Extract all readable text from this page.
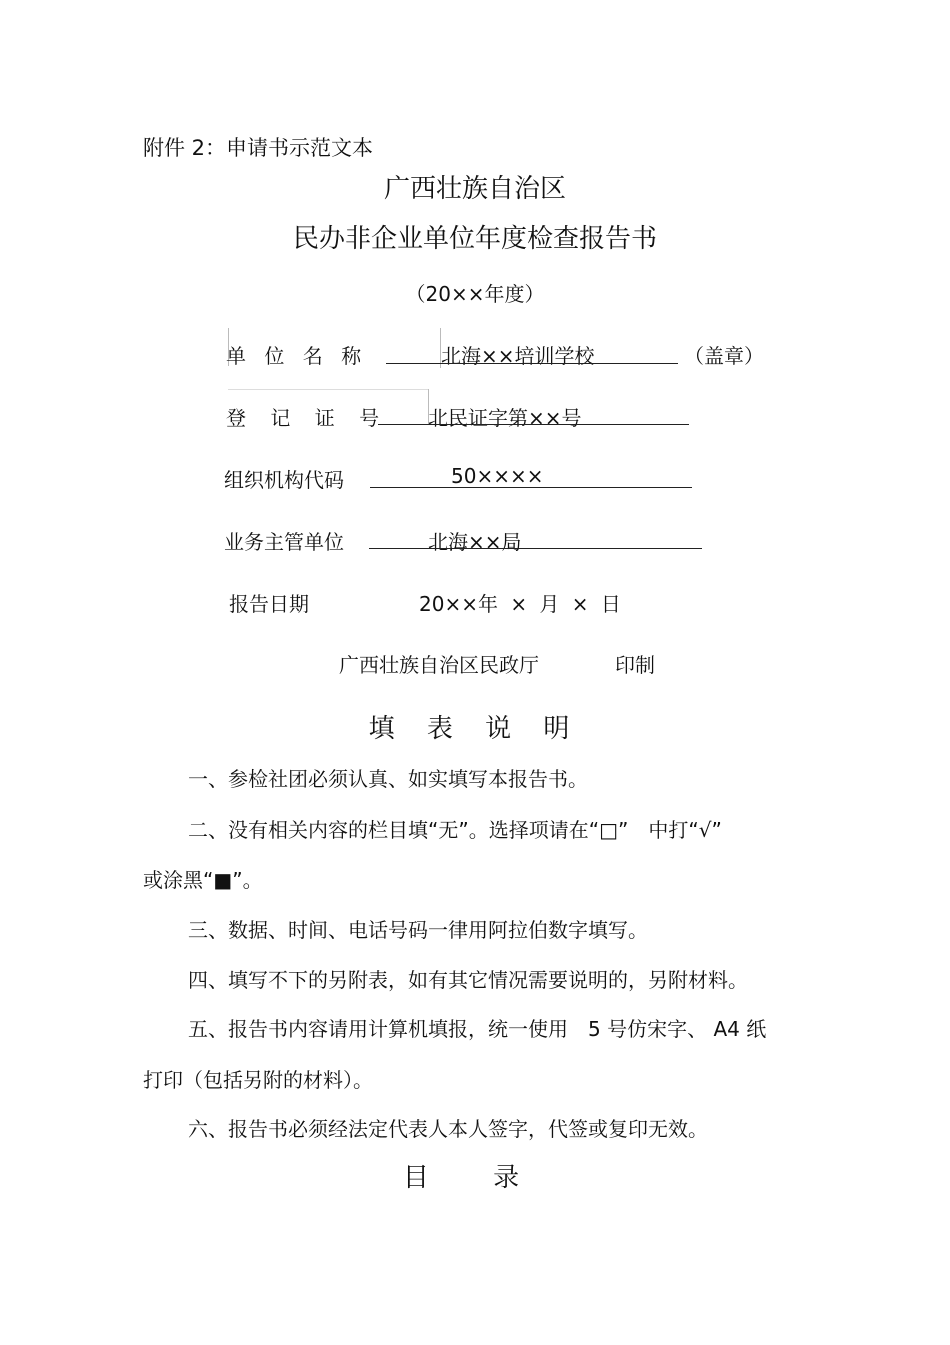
附件 2：申请书示范文本
广西壮族自治区
民办非企业单位年度检查报告书
（20××年度）
单 位 名 称	北海××培训学校	（盖章）
登 记 证 号 北民证字第××号
组织机构代码	50××××
业务主管单位	北海××局
报告日期	20××年 × 月 × 日
广西壮族自治区民政厅	印制
填 表 说 明
一、参检社团必须认真、如实填写本报告书。
二、没有相关内容的栏目填“无”。选择项请在“□”　中打“√”
或涂黑“■”。
三、数据、时间、电话号码一律用阿拉伯数字填写。
四、填写不下的另附表，如有其它情况需要说明的，另附材料。
五、报告书内容请用计算机填报，统一使用　5 号仿宋字、 A4 纸
打印（包括另附的材料）。
六、报告书必须经法定代表人本人签字，代签或复印无效。
目 录
